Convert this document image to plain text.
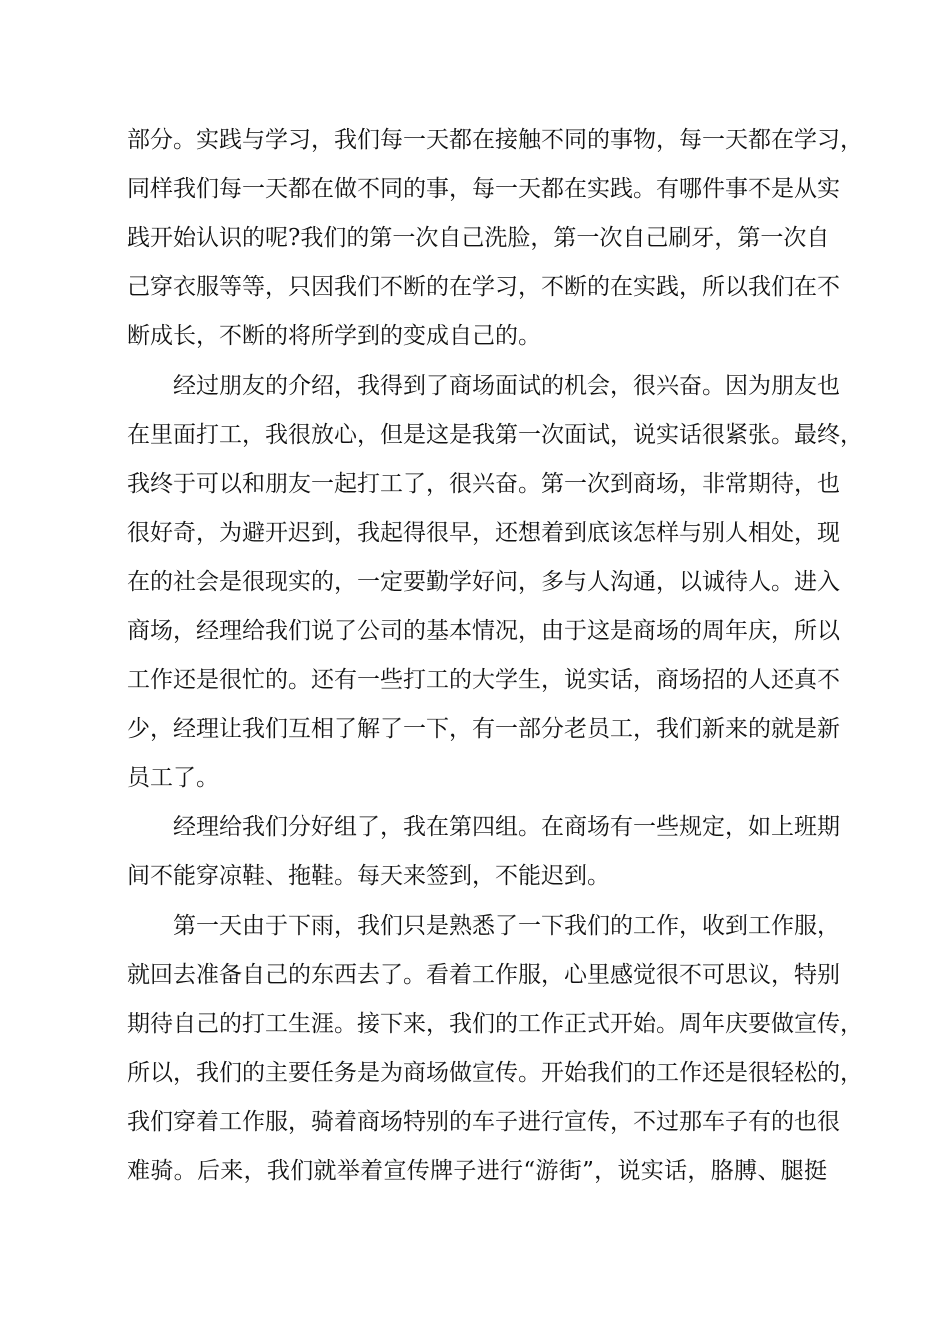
部分。实践与学习，我们每一天都在接触不同的事物，每一天都在学习，
同样我们每一天都在做不同的事，每一天都在实践。有哪件事不是从实
践开始认识的呢?我们的第一次自己洗脸，第一次自己刷牙，第一次自
己穿衣服等等，只因我们不断的在学习，不断的在实践，所以我们在不
断成长，不断的将所学到的变成自己的。
经过朋友的介绍，我得到了商场面试的机会，很兴奋。因为朋友也
在里面打工，我很放心，但是这是我第一次面试，说实话很紧张。最终，
我终于可以和朋友一起打工了，很兴奋。第一次到商场，非常期待，也
很好奇，为避开迟到，我起得很早，还想着到底该怎样与别人相处，现
在的社会是很现实的，一定要勤学好问，多与人沟通，以诚待人。进入
商场，经理给我们说了公司的基本情况，由于这是商场的周年庆，所以
工作还是很忙的。还有一些打工的大学生，说实话，商场招的人还真不
少，经理让我们互相了解了一下，有一部分老员工，我们新来的就是新
员工了。
经理给我们分好组了，我在第四组。在商场有一些规定，如上班期
间不能穿凉鞋、拖鞋。每天来签到，不能迟到。
第一天由于下雨，我们只是熟悉了一下我们的工作，收到工作服，
就回去准备自己的东西去了。看着工作服，心里感觉很不可思议，特别
期待自己的打工生涯。接下来，我们的工作正式开始。周年庆要做宣传，
所以，我们的主要任务是为商场做宣传。开始我们的工作还是很轻松的，
我们穿着工作服，骑着商场特别的车子进行宣传，不过那车子有的也很
难骑。后来，我们就举着宣传牌子进行“游街”，说实话，胳膊、腿挺
